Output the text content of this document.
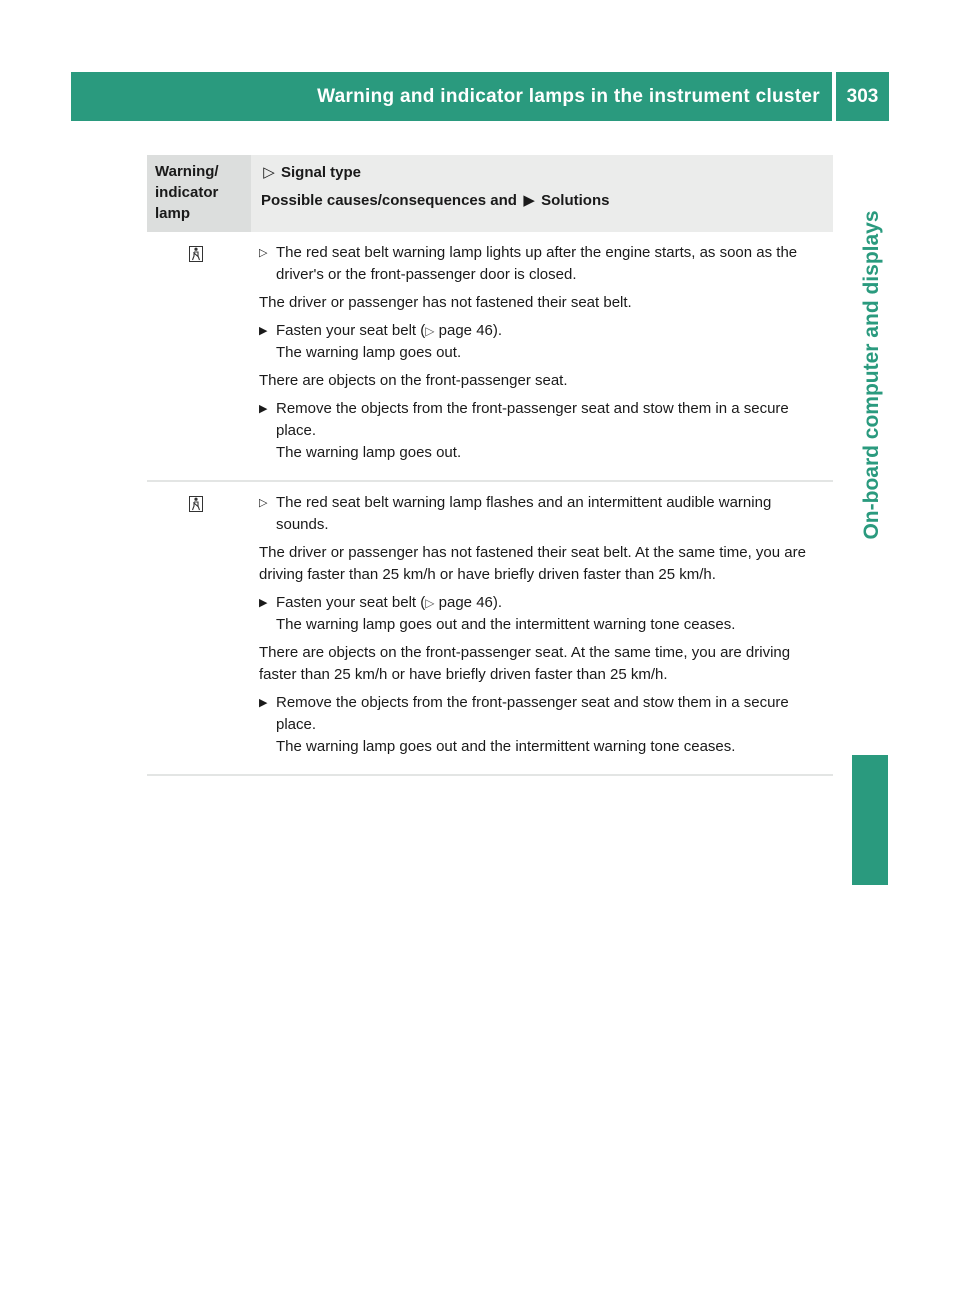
Warning and indicator lamps in the instrument cluster	303
On-board computer and displays
Warning/ indicator lamp
▷ Signal type
Possible causes/consequences and ▶ Solutions
▷ The red seat belt warning lamp lights up after the engine starts, as soon as the driver's or the front-passenger door is closed.

The driver or passenger has not fastened their seat belt.

▶ Fasten your seat belt (▷ page 46).
The warning lamp goes out.

There are objects on the front-passenger seat.

▶ Remove the objects from the front-passenger seat and stow them in a secure place.
The warning lamp goes out.
▷ The red seat belt warning lamp flashes and an intermittent audible warning sounds.

The driver or passenger has not fastened their seat belt. At the same time, you are driving faster than 25 km/h or have briefly driven faster than 25 km/h.

▶ Fasten your seat belt (▷ page 46).
The warning lamp goes out and the intermittent warning tone ceases.

There are objects on the front-passenger seat. At the same time, you are driving faster than 25 km/h or have briefly driven faster than 25 km/h.

▶ Remove the objects from the front-passenger seat and stow them in a secure place.
The warning lamp goes out and the intermittent warning tone ceases.
